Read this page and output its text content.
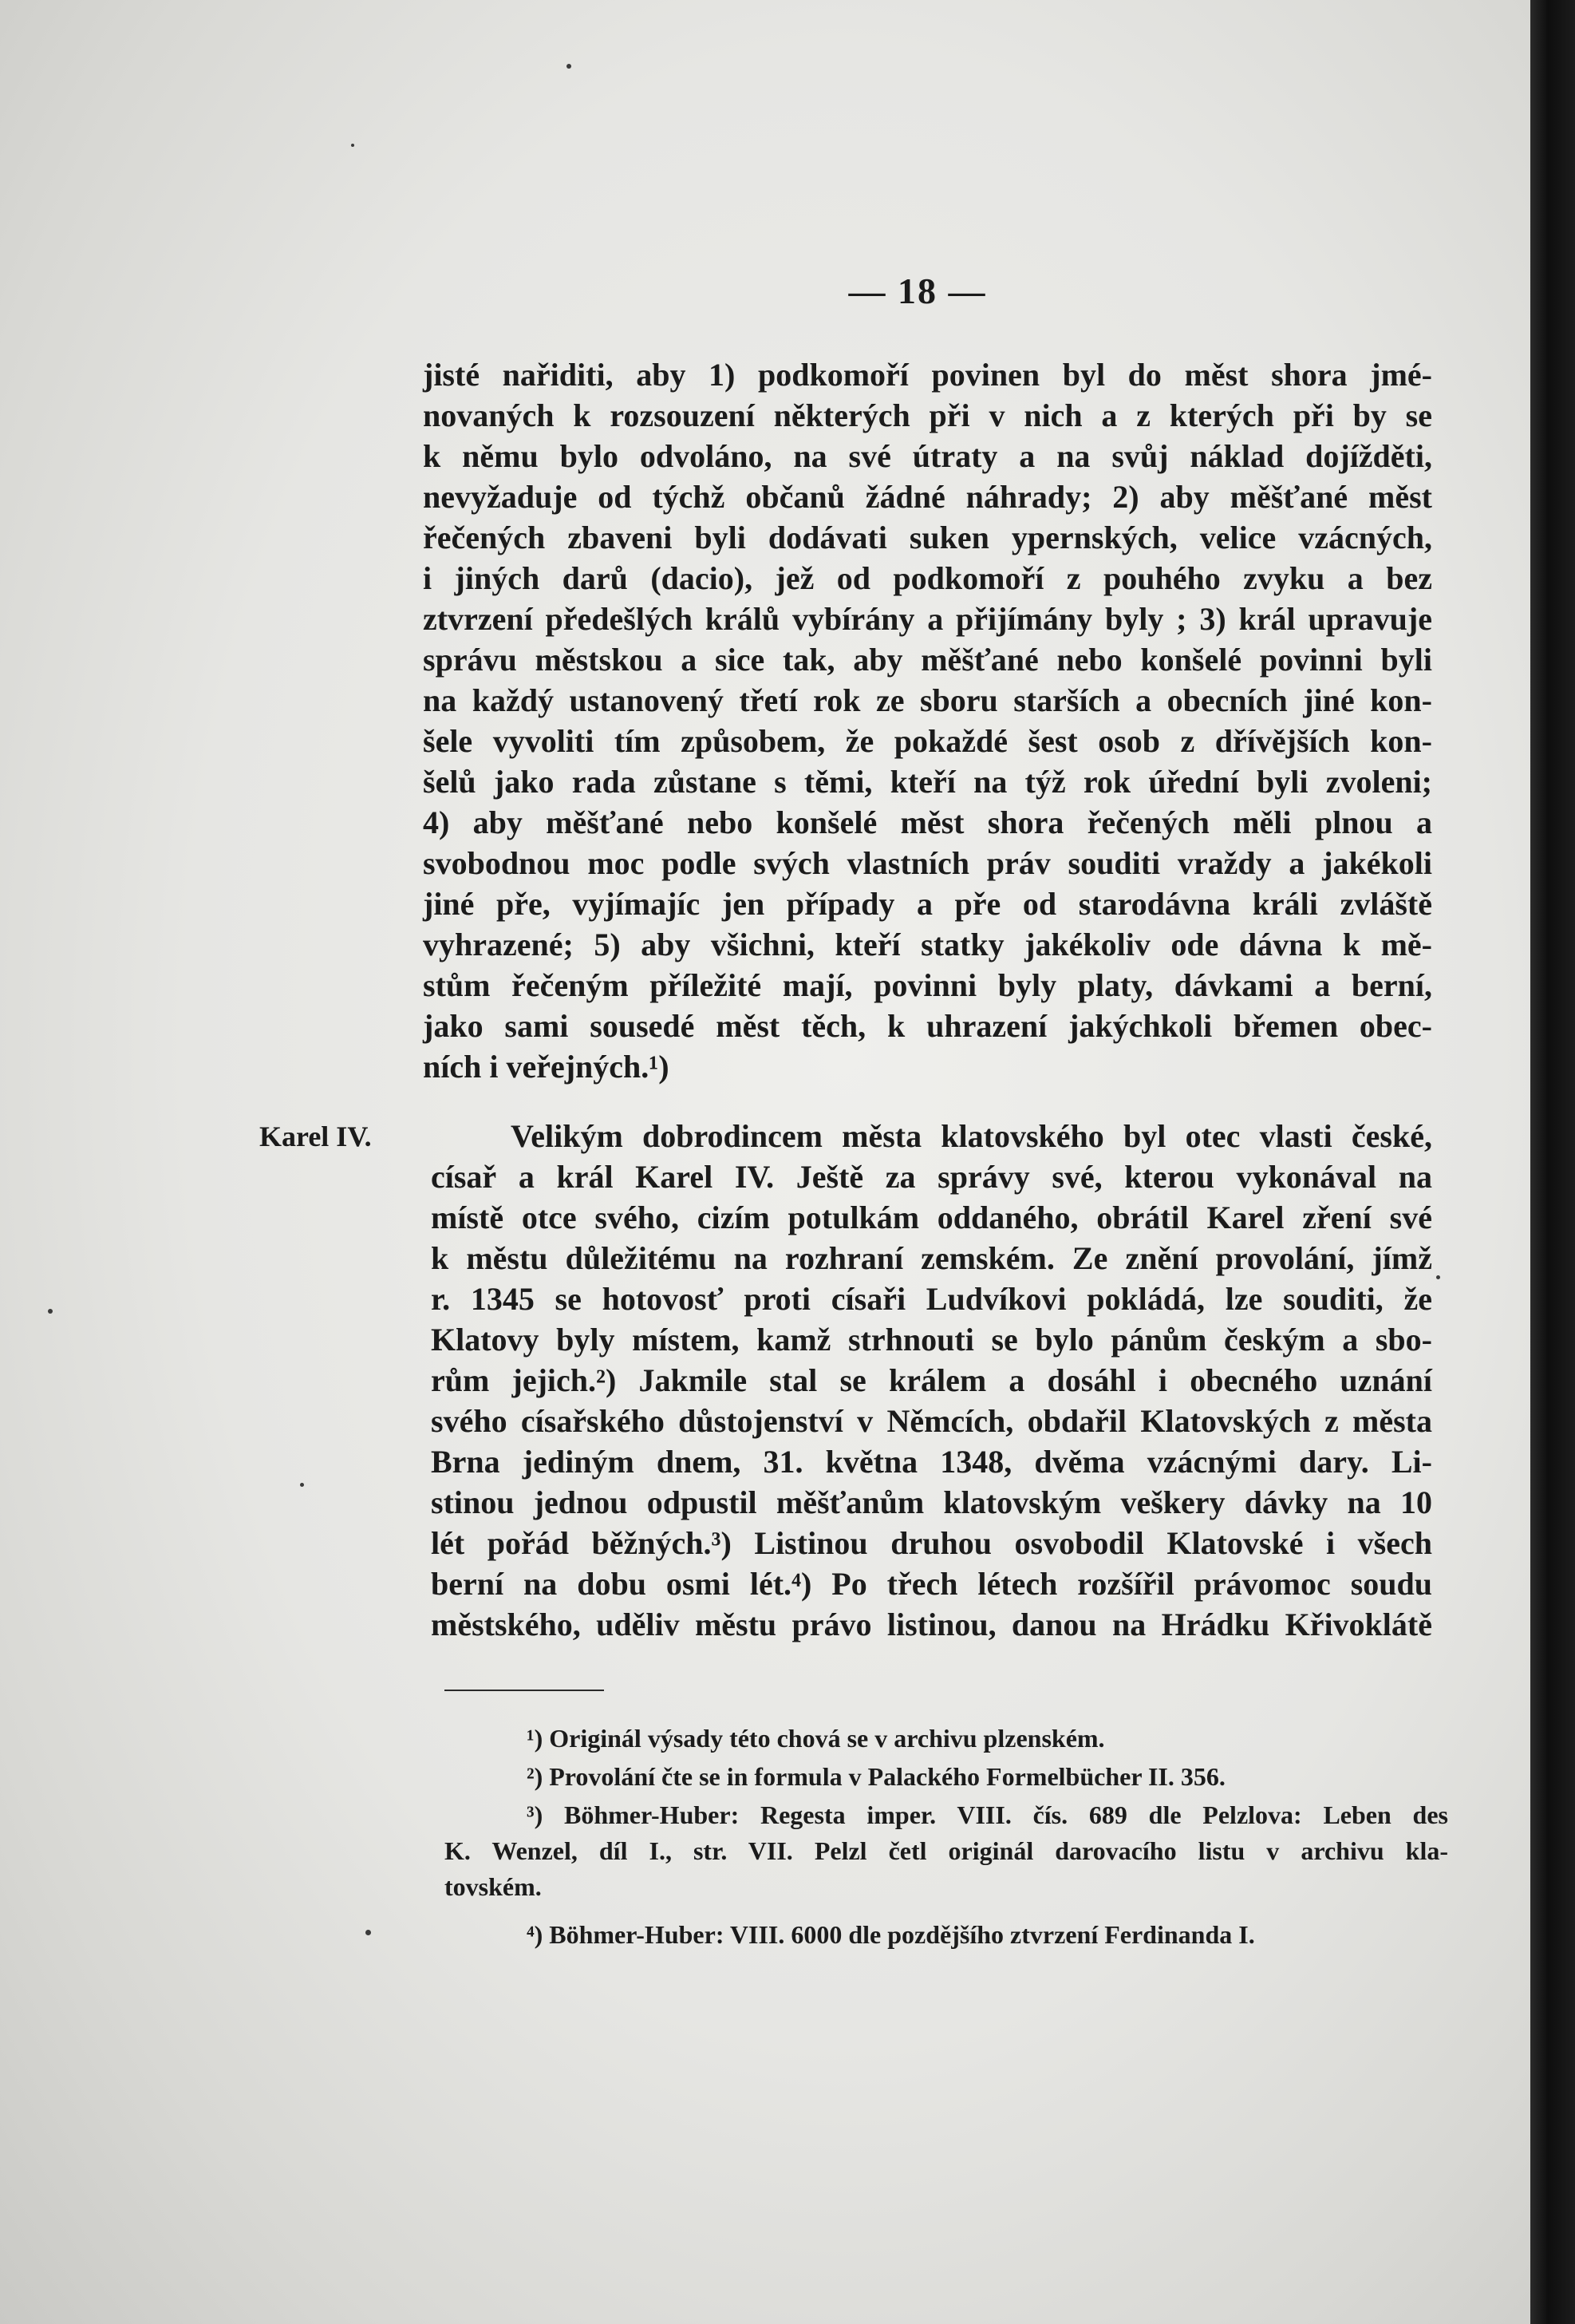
— 18 —
jisté nařiditi, aby 1) podkomoří povinen byl do měst shora jmé-
novaných k rozsouzení některých při v nich a z kterých při by se
k němu bylo odvoláno, na své útraty a na svůj náklad dojížděti,
nevyžaduje od týchž občanů žádné náhrady; 2) aby měšťané měst
řečených zbaveni byli dodávati suken ypernských, velice vzácných,
i jiných darů (dacio), jež od podkomoří z pouhého zvyku a bez
ztvrzení předešlých králů vybírány a přijímány byly ; 3) král upravuje
správu městskou a sice tak, aby měšťané nebo konšelé povinni byli
na každý ustanovený třetí rok ze sboru starších a obecních jiné kon-
šele vyvoliti tím způsobem, že pokaždé šest osob z dřívějších kon-
šelů jako rada zůstane s těmi, kteří na týž rok úřední byli zvoleni;
4) aby měšťané nebo konšelé měst shora řečených měli plnou a
svobodnou moc podle svých vlastních práv souditi vraždy a jakékoli
jiné pře, vyjímajíc jen případy a pře od starodávna králi zvláště
vyhrazené; 5) aby všichni, kteří statky jakékoliv ode dávna k mě-
stům řečeným příležité mají, povinni byly platy, dávkami a berní,
jako sami sousedé měst těch, k uhrazení jakýchkoli břemen obec-
ních i veřejných.¹)
Karel IV.	Velikým dobrodincem města klatovského byl otec vlasti české,
císař a král Karel IV. Ještě za správy své, kterou vykonával na
místě otce svého, cizím potulkám oddaného, obrátil Karel zření své
k městu důležitému na rozhraní zemském. Ze znění provolání, jímž
r. 1345 se hotovosť proti císaři Ludvíkovi pokládá, lze souditi, že
Klatovy byly místem, kamž strhnouti se bylo pánům českým a sbo-
rům jejich.²) Jakmile stal se králem a dosáhl i obecného uznání
svého císařského důstojenství v Němcích, obdařil Klatovských z města
Brna jediným dnem, 31. května 1348, dvěma vzácnými dary. Li-
stinou jednou odpustil měšťanům klatovským veškery dávky na 10
lét pořád běžných.³) Listinou druhou osvobodil Klatovské i všech
berní na dobu osmi lét.⁴) Po třech létech rozšířil právomoc soudu
městského, uděliv městu právo listinou, danou na Hrádku Křivoklátě
¹) Originál výsady této chová se v archivu plzenském.
²) Provolání čte se in formula v Palackého Formelbücher II. 356.
³) Böhmer-Huber: Regesta imper. VIII. čís. 689 dle Pelzlova: Leben des
K. Wenzel, díl I., str. VII. Pelzl četl originál darovacího listu v archivu kla-
tovském.
⁴) Böhmer-Huber: VIII. 6000 dle pozdějšího ztvrzení Ferdinanda I.
